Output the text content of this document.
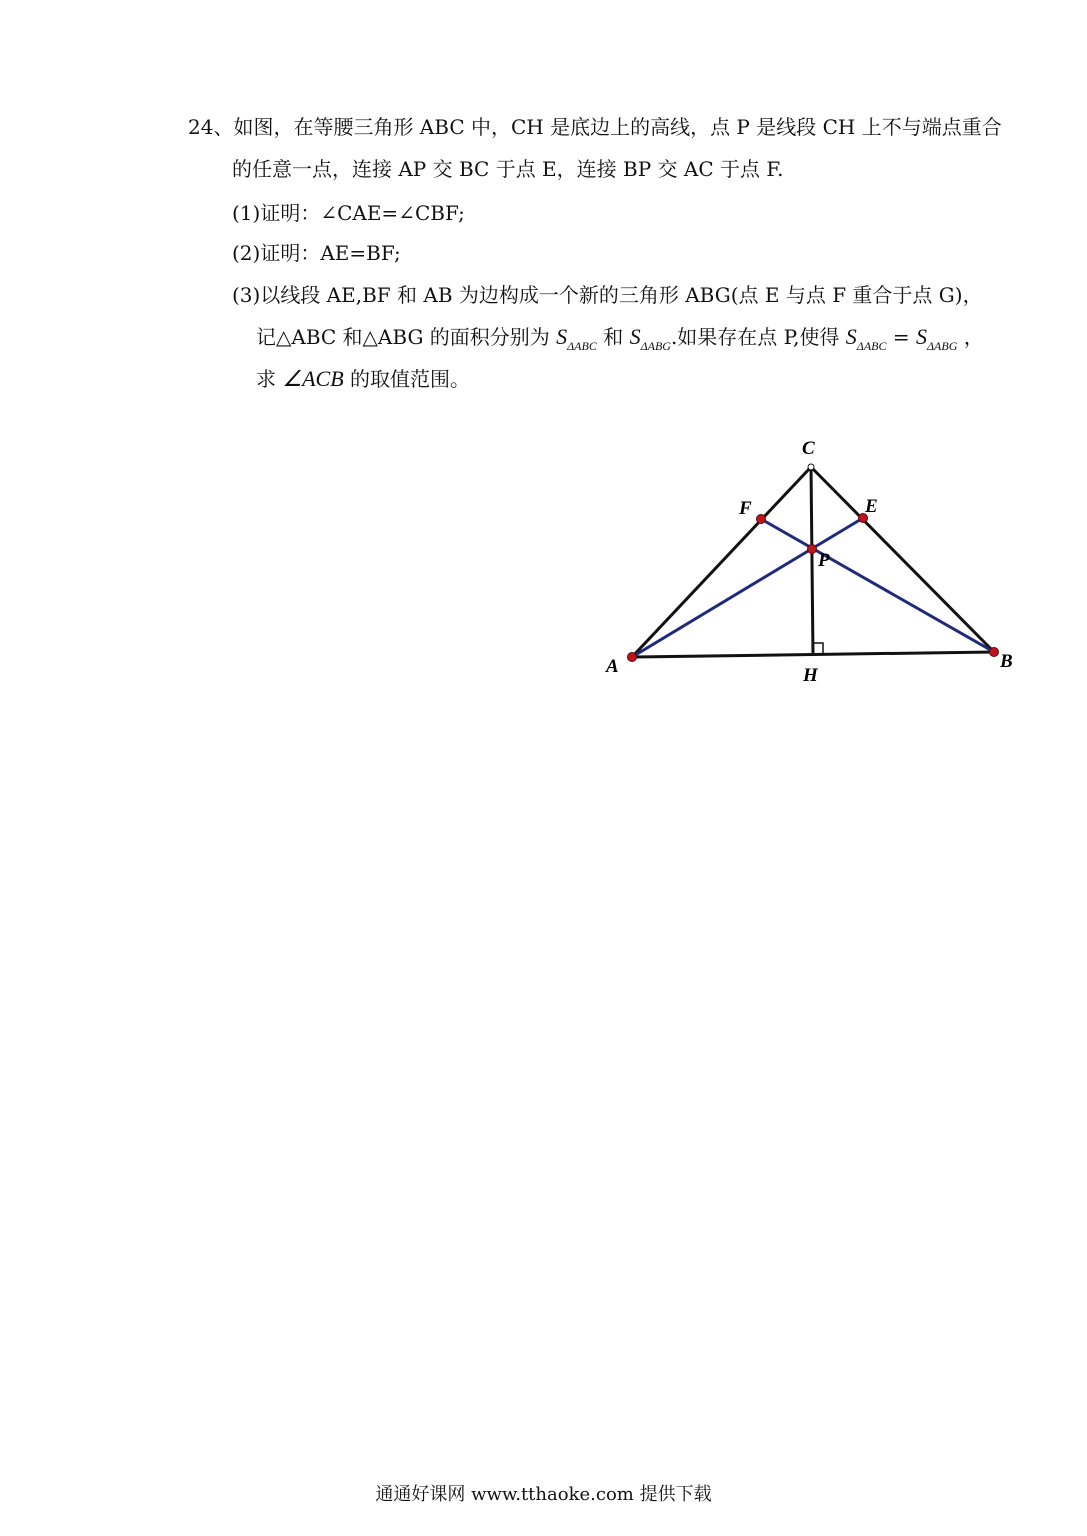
24、如图，在等腰三角形 ABC 中，CH 是底边上的高线，点 P 是线段 CH 上不与端点重合
的任意一点，连接 AP 交 BC 于点 E，连接 BP 交 AC 于点 F.
(1)证明：∠CAE=∠CBF;
(2)证明：AE=BF;
(3)以线段 AE,BF 和 AB 为边构成一个新的三角形 ABG(点 E 与点 F 重合于点 G)，
记△ABC 和△ABG 的面积分别为 $S_{\Delta ABC}$ 和 $S_{\Delta ABG}$.如果存在点 P,使得 $S_{\Delta ABC} = S_{\Delta ABG}$ ，
求 ∠ACB 的取值范围。
C
F	E
P
A	B
H
通通好课网 www.tthaoke.com 提供下载
